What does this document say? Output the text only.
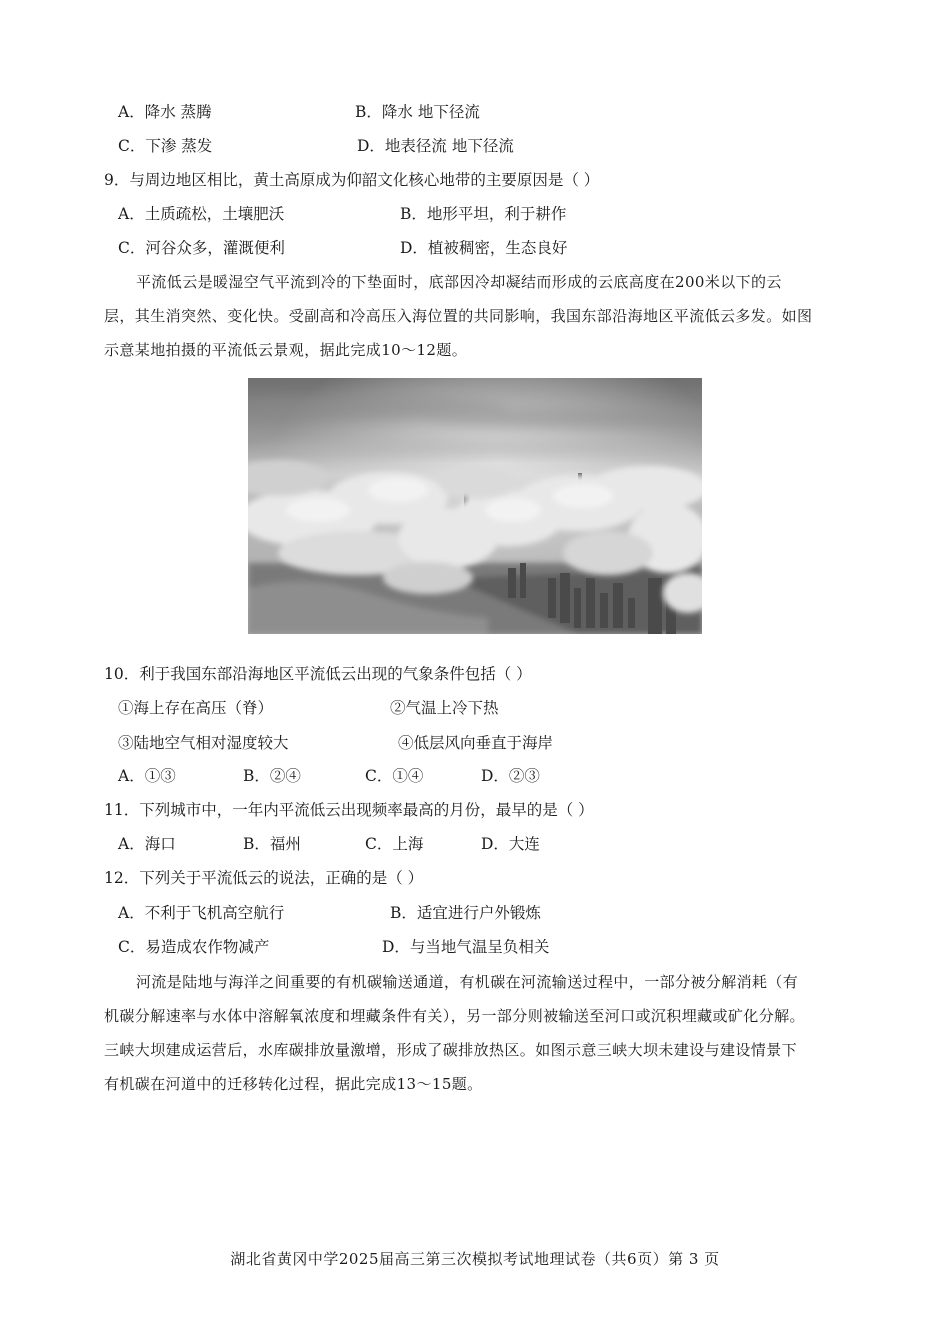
A．降水 蒸腾	B．降水 地下径流
C．下渗 蒸发	D．地表径流 地下径流
9．与周边地区相比，黄土高原成为仰韶文化核心地带的主要原因是（ ）
A．土质疏松，土壤肥沃	B．地形平坦，利于耕作
C．河谷众多，灌溉便利	D．植被稠密，生态良好
平流低云是暖湿空气平流到冷的下垫面时，底部因冷却凝结而形成的云底高度在200米以下的云
层，其生消突然、变化快。受副高和冷高压入海位置的共同影响，我国东部沿海地区平流低云多发。如图
示意某地拍摄的平流低云景观，据此完成10～12题。
10．利于我国东部沿海地区平流低云出现的气象条件包括（ ）
①海上存在高压（脊）	②气温上冷下热
③陆地空气相对湿度较大	④低层风向垂直于海岸
A．①③	B．②④	C．①④	D．②③
11．下列城市中，一年内平流低云出现频率最高的月份，最早的是（ ）
A．海口	B．福州	C．上海	D．大连
12．下列关于平流低云的说法，正确的是（ ）
A．不利于飞机高空航行	B．适宜进行户外锻炼
C．易造成农作物减产	D．与当地气温呈负相关
河流是陆地与海洋之间重要的有机碳输送通道，有机碳在河流输送过程中，一部分被分解消耗（有
机碳分解速率与水体中溶解氧浓度和埋藏条件有关），另一部分则被输送至河口或沉积埋藏或矿化分解。
三峡大坝建成运营后，水库碳排放量激增，形成了碳排放热区。如图示意三峡大坝未建设与建设情景下
有机碳在河道中的迁移转化过程，据此完成13～15题。
湖北省黄冈中学2025届高三第三次模拟考试地理试卷（共6页）第 3 页
